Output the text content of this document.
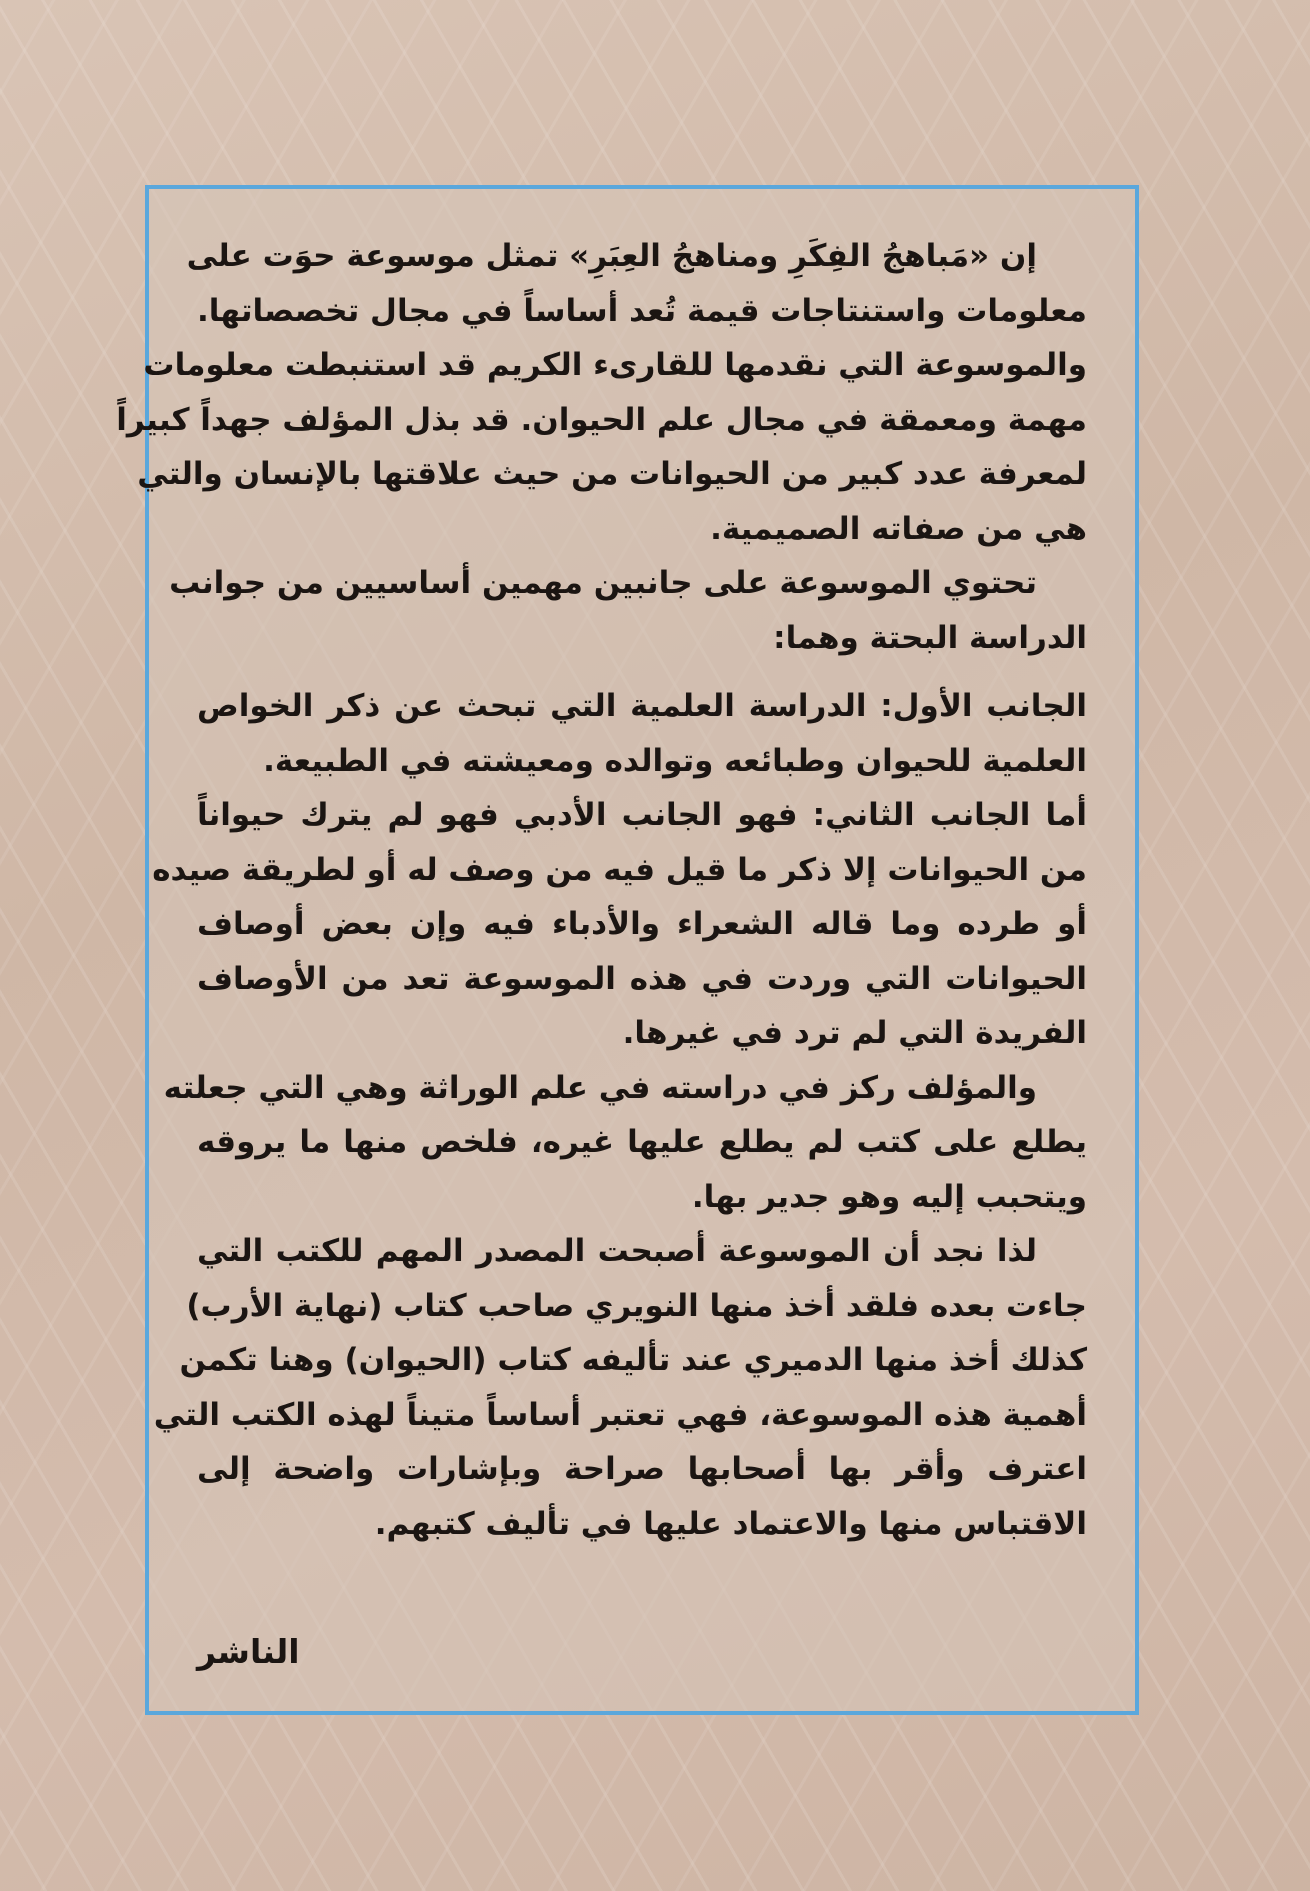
إن «مَباهجُ الفِكَرِ ومناهجُ العِبَرِ» تمثل موسوعة حوَت على
معلومات واستنتاجات قيمة تُعد أساساً في مجال تخصصاتها.
والموسوعة التي نقدمها للقارىء الكريم قد استنبطت معلومات
مهمة ومعمقة في مجال علم الحيوان. قد بذل المؤلف جهداً كبيراً
لمعرفة عدد كبير من الحيوانات من حيث علاقتها بالإنسان والتي
هي من صفاته الصميمية.
تحتوي الموسوعة على جانبين مهمين أساسيين من جوانب
الدراسة البحتة وهما:
الجانب الأول: الدراسة العلمية التي تبحث عن ذكر الخواص
العلمية للحيوان وطبائعه وتوالده ومعيشته في الطبيعة.
أما الجانب الثاني: فهو الجانب الأدبي فهو لم يترك حيواناً
من الحيوانات إلا ذكر ما قيل فيه من وصف له أو لطريقة صيده
أو طرده وما قاله الشعراء والأدباء فيه وإن بعض أوصاف
الحيوانات التي وردت في هذه الموسوعة تعد من الأوصاف
الفريدة التي لم ترد في غيرها.
والمؤلف ركز في دراسته في علم الوراثة وهي التي جعلته
يطلع على كتب لم يطلع عليها غيره، فلخص منها ما يروقه
ويتحبب إليه وهو جدير بها.
لذا نجد أن الموسوعة أصبحت المصدر المهم للكتب التي
جاءت بعده فلقد أخذ منها النويري صاحب كتاب (نهاية الأرب)
كذلك أخذ منها الدميري عند تأليفه كتاب (الحيوان) وهنا تكمن
أهمية هذه الموسوعة، فهي تعتبر أساساً متيناً لهذه الكتب التي
اعترف وأقر بها أصحابها صراحة وبإشارات واضحة إلى
الاقتباس منها والاعتماد عليها في تأليف كتبهم.
الناشر
